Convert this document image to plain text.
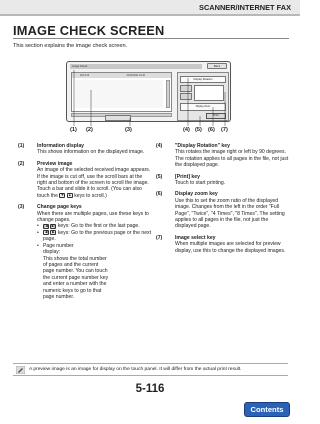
SCANNER/INTERNET FAX
IMAGE CHECK SCREEN
This section explains the image check screen.
Image Check	Back
FAX 123	01/01/2011 10:10
Display Rotation
Display Zoom
Print
(1) (2)	(3)	(4) (5) (6) (7)
(1)	Information display
This shows information on the displayed image.
(2)	Preview image
An image of the selected received image appears. If the image is cut off, use the scroll bars at the right and bottom of the screen to scroll the image. Touch a bar and slide it to scroll. (You can also touch the ▼ ▲ keys to scroll.)
(3)	Change page keys
When there are multiple pages, use these keys to change pages.
• |◀ ▶| keys: Go to the first or the last page.
• ◀ ▶ keys: Go to the previous page or the next page.
• Page number display:This shows the total number of pages and the current page number. You can touch the current page number key and enter a number with the numeric keys to go to that page number.
(4)	"Display Rotation" key
This rotates the image right or left by 90 degrees. The rotation applies to all pages in the file, not just the displayed page.
(5)	[Print] key
Touch to start printing.
(6)	Display zoom key
Use this to set the zoom ratio of the displayed image. Changes from the left in the order "Full Page", "Twice", "4 Times", "8 Times". The setting applies to all pages in the file, not just the displayed page.
(7)	Image select key
When multiple images are selected for preview display, use this to change the displayed images.
A preview image is an image for display on the touch panel. It will differ from the actual print result.
5-116
Contents
